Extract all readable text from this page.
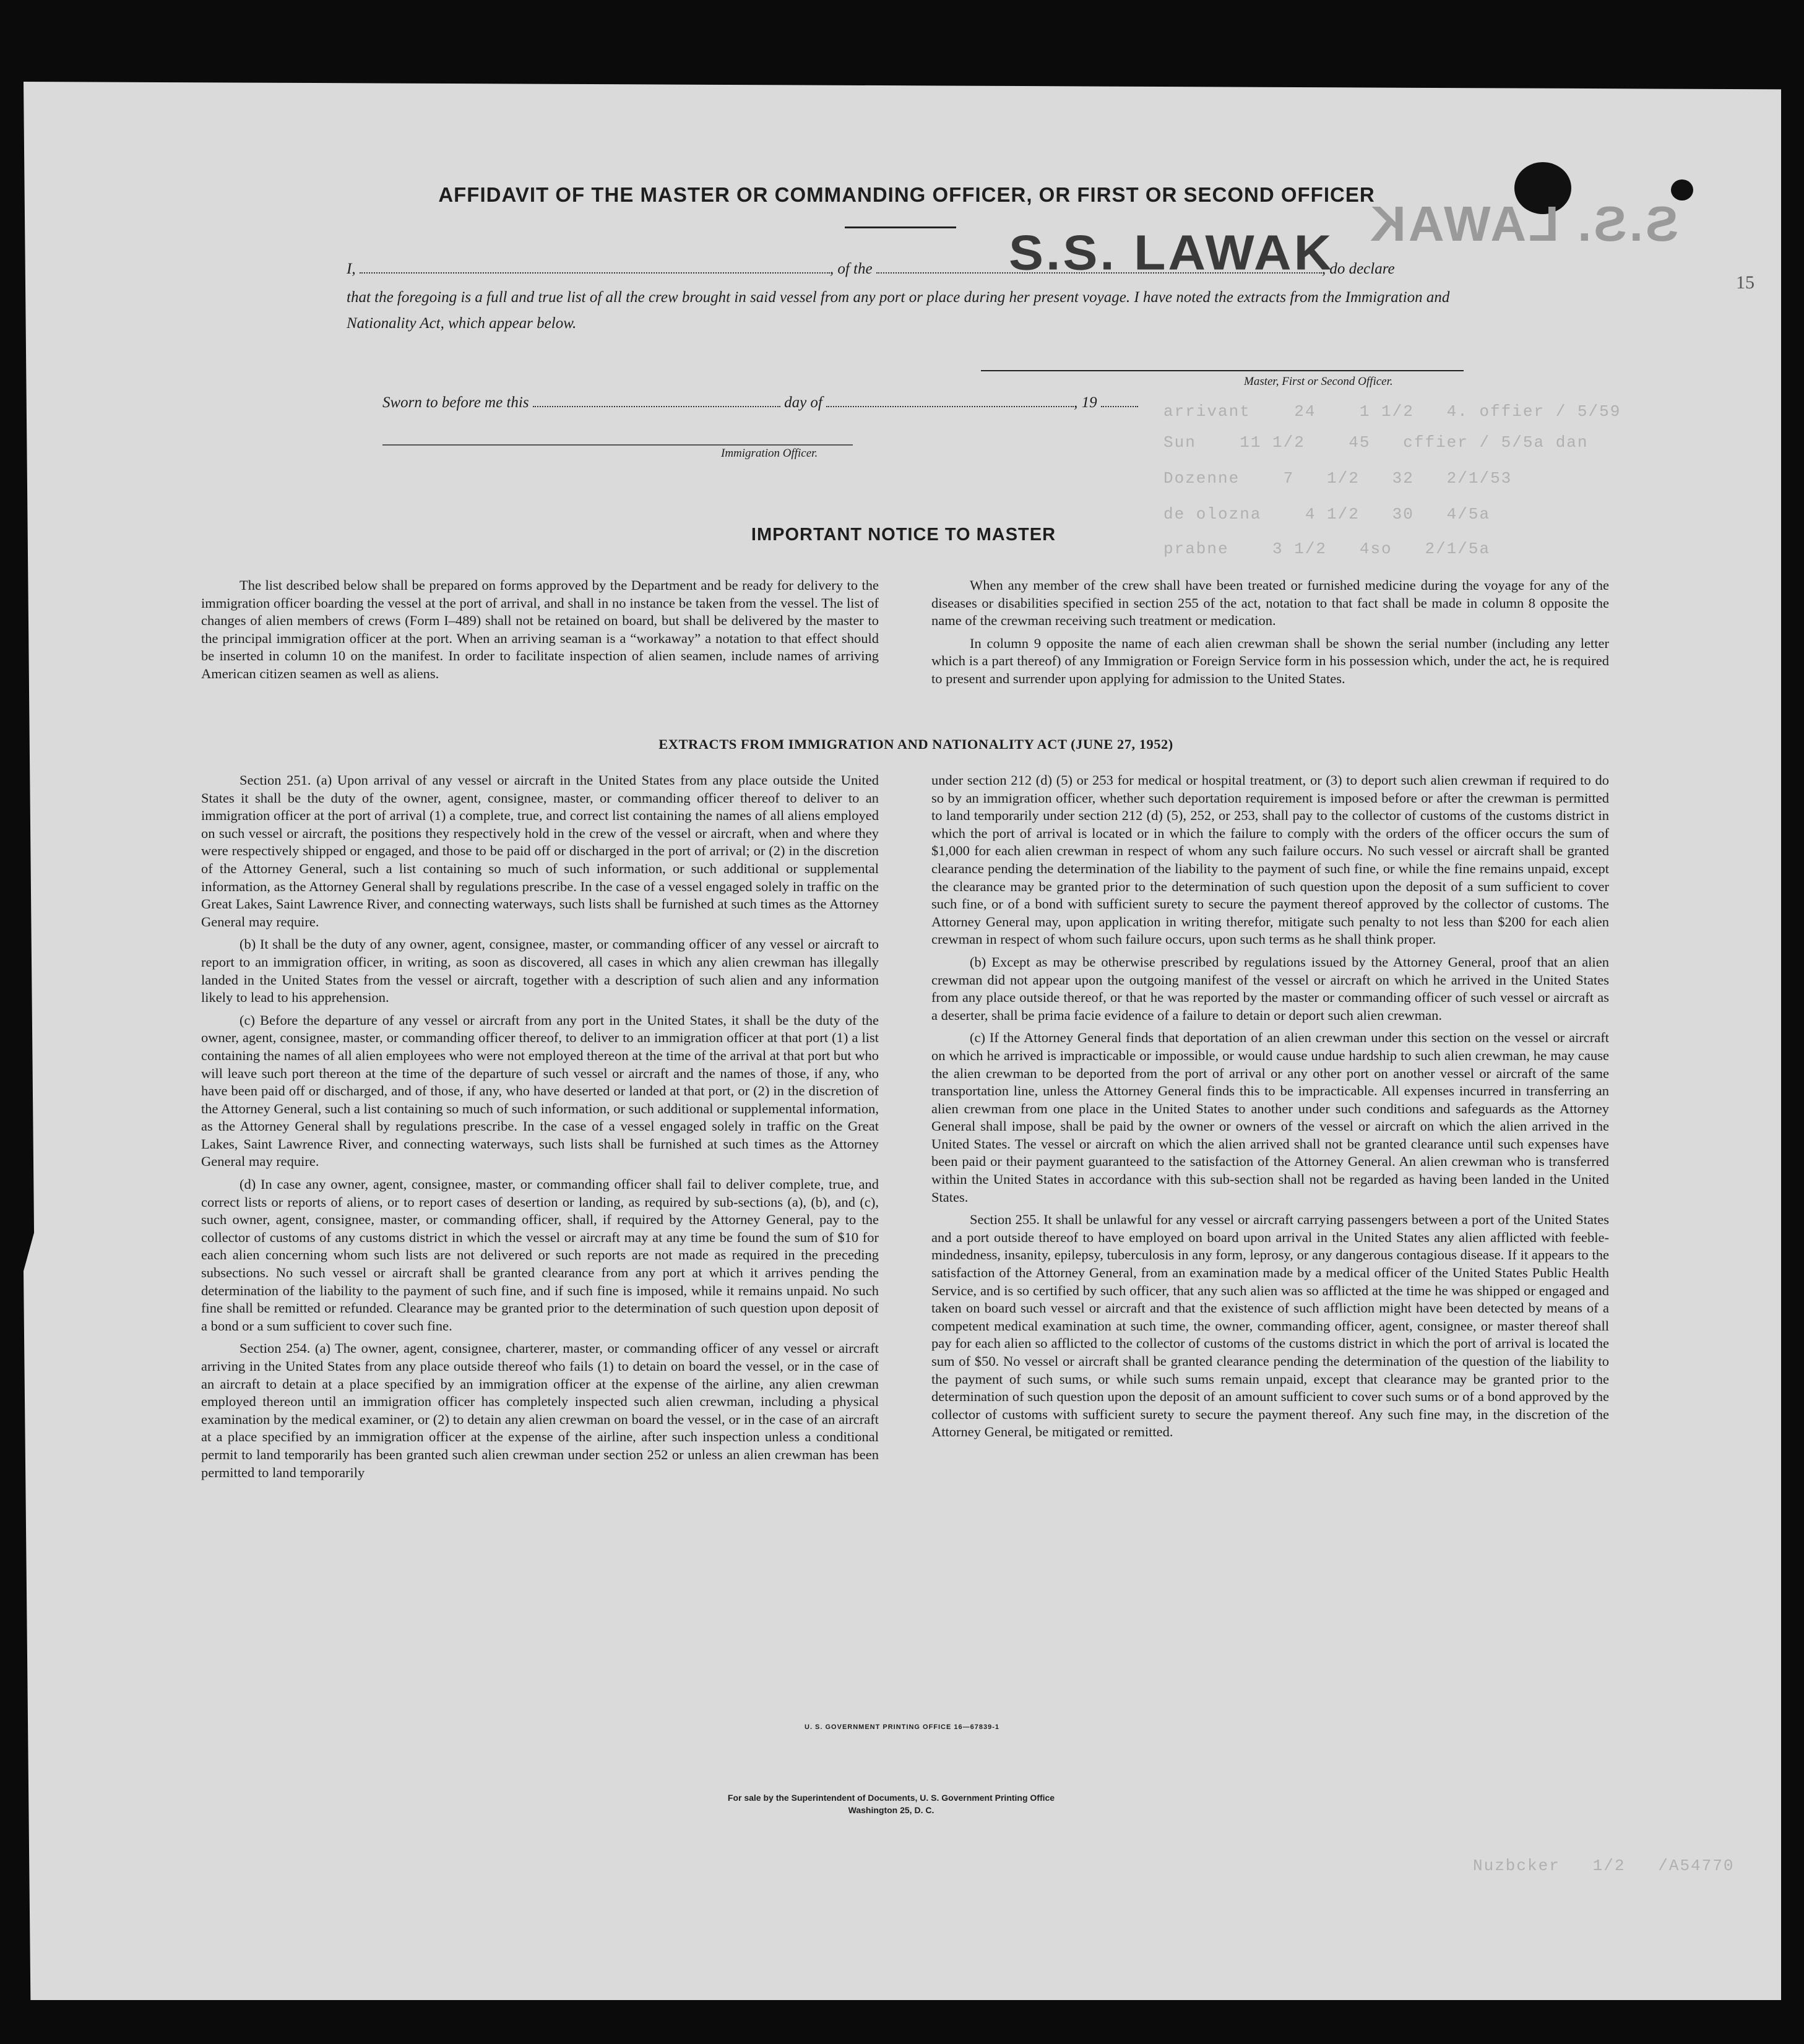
arrivant    24    1 1/2   4. offier / 5/59
Sun    11 1/2    45   cffier / 5/5a dan
Dozenne    7   1/2   32   2/1/53
de olozna    4 1/2   30   4/5a
prabne    3 1/2   4so   2/1/5a
Nuzbcker   1/2   /A54770
S.S. LAWAK
AFFIDAVIT OF THE MASTER OR COMMANDING OFFICER, OR FIRST OR SECOND OFFICER
I,	, of the	, do declare
S.S. LAWAK
that the foregoing is a full and true list of all the crew brought in said vessel from any port or place during her present voyage. I have noted the extracts from the Immigration and Nationality Act, which appear below.
Master, First or Second Officer.
Sworn to before me this	day of	, 19
Immigration Officer.
IMPORTANT NOTICE TO MASTER

The list described below shall be prepared on forms approved by the Department and be ready for delivery to the immigration officer boarding the vessel at the port of arrival, and shall in no instance be taken from the vessel. The list of changes of alien members of crews (Form I–489) shall not be retained on board, but shall be delivered by the master to the principal immigration officer at the port. When an arriving seaman is a “workaway” a notation to that effect should be inserted in column 10 on the manifest. In order to facilitate inspection of alien seamen, include names of arriving American citizen seamen as well as aliens.

When any member of the crew shall have been treated or furnished medicine during the voyage for any of the diseases or disabilities specified in section 255 of the act, notation to that fact shall be made in column 8 opposite the name of the crewman receiving such treatment or medication.

In column 9 opposite the name of each alien crewman shall be shown the serial number (including any letter which is a part thereof) of any Immigration or Foreign Service form in his possession which, under the act, he is required to present and surrender upon applying for admission to the United States.

EXTRACTS FROM IMMIGRATION AND NATIONALITY ACT (JUNE 27, 1952)

Section 251. (a) Upon arrival of any vessel or aircraft in the United States from any place outside the United States it shall be the duty of the owner, agent, consignee, master, or commanding officer thereof to deliver to an immigration officer at the port of arrival (1) a complete, true, and correct list containing the names of all aliens employed on such vessel or aircraft, the positions they respectively hold in the crew of the vessel or aircraft, when and where they were respectively shipped or engaged, and those to be paid off or discharged in the port of arrival; or (2) in the discretion of the Attorney General, such a list containing so much of such information, or such additional or supplemental information, as the Attorney General shall by regulations prescribe. In the case of a vessel engaged solely in traffic on the Great Lakes, Saint Lawrence River, and connecting waterways, such lists shall be furnished at such times as the Attorney General may require.

(b) It shall be the duty of any owner, agent, consignee, master, or commanding officer of any vessel or aircraft to report to an immigration officer, in writing, as soon as discovered, all cases in which any alien crewman has illegally landed in the United States from the vessel or aircraft, together with a description of such alien and any information likely to lead to his apprehension.

(c) Before the departure of any vessel or aircraft from any port in the United States, it shall be the duty of the owner, agent, consignee, master, or commanding officer thereof, to deliver to an immigration officer at that port (1) a list containing the names of all alien employees who were not employed thereon at the time of the arrival at that port but who will leave such port thereon at the time of the departure of such vessel or aircraft and the names of those, if any, who have been paid off or discharged, and of those, if any, who have deserted or landed at that port, or (2) in the discretion of the Attorney General, such a list containing so much of such information, or such additional or supplemental information, as the Attorney General shall by regulations prescribe. In the case of a vessel engaged solely in traffic on the Great Lakes, Saint Lawrence River, and connecting waterways, such lists shall be furnished at such times as the Attorney General may require.

(d) In case any owner, agent, consignee, master, or commanding officer shall fail to deliver complete, true, and correct lists or reports of aliens, or to report cases of desertion or landing, as required by sub-sections (a), (b), and (c), such owner, agent, consignee, master, or commanding officer, shall, if required by the Attorney General, pay to the collector of customs of any customs district in which the vessel or aircraft may at any time be found the sum of $10 for each alien concerning whom such lists are not delivered or such reports are not made as required in the preceding subsections. No such vessel or aircraft shall be granted clearance from any port at which it arrives pending the determination of the liability to the payment of such fine, and if such fine is imposed, while it remains unpaid. No such fine shall be remitted or refunded. Clearance may be granted prior to the determination of such question upon deposit of a bond or a sum sufficient to cover such fine.

Section 254. (a) The owner, agent, consignee, charterer, master, or commanding officer of any vessel or aircraft arriving in the United States from any place outside thereof who fails (1) to detain on board the vessel, or in the case of an aircraft to detain at a place specified by an immigration officer at the expense of the airline, any alien crewman employed thereon until an immigration officer has completely inspected such alien crewman, including a physical examination by the medical examiner, or (2) to detain any alien crewman on board the vessel, or in the case of an aircraft at a place specified by an immigration officer at the expense of the airline, after such inspection unless a conditional permit to land temporarily has been granted such alien crewman under section 252 or unless an alien crewman has been permitted to land temporarily

under section 212 (d) (5) or 253 for medical or hospital treatment, or (3) to deport such alien crewman if required to do so by an immigration officer, whether such deportation requirement is imposed before or after the crewman is permitted to land temporarily under section 212 (d) (5), 252, or 253, shall pay to the collector of customs of the customs district in which the port of arrival is located or in which the failure to comply with the orders of the officer occurs the sum of $1,000 for each alien crewman in respect of whom any such failure occurs. No such vessel or aircraft shall be granted clearance pending the determination of the liability to the payment of such fine, or while the fine remains unpaid, except the clearance may be granted prior to the determination of such question upon the deposit of a sum sufficient to cover such fine, or of a bond with sufficient surety to secure the payment thereof approved by the collector of customs. The Attorney General may, upon application in writing therefor, mitigate such penalty to not less than $200 for each alien crewman in respect of whom such failure occurs, upon such terms as he shall think proper.

(b) Except as may be otherwise prescribed by regulations issued by the Attorney General, proof that an alien crewman did not appear upon the outgoing manifest of the vessel or aircraft on which he arrived in the United States from any place outside thereof, or that he was reported by the master or commanding officer of such vessel or aircraft as a deserter, shall be prima facie evidence of a failure to detain or deport such alien crewman.

(c) If the Attorney General finds that deportation of an alien crewman under this section on the vessel or aircraft on which he arrived is impracticable or impossible, or would cause undue hardship to such alien crewman, he may cause the alien crewman to be deported from the port of arrival or any other port on another vessel or aircraft of the same transportation line, unless the Attorney General finds this to be impracticable. All expenses incurred in transferring an alien crewman from one place in the United States to another under such conditions and safeguards as the Attorney General shall impose, shall be paid by the owner or owners of the vessel or aircraft on which the alien arrived in the United States. The vessel or aircraft on which the alien arrived shall not be granted clearance until such expenses have been paid or their payment guaranteed to the satisfaction of the Attorney General. An alien crewman who is transferred within the United States in accordance with this sub-section shall not be regarded as having been landed in the United States.

Section 255. It shall be unlawful for any vessel or aircraft carrying passengers between a port of the United States and a port outside thereof to have employed on board upon arrival in the United States any alien afflicted with feeble-mindedness, insanity, epilepsy, tuberculosis in any form, leprosy, or any dangerous contagious disease. If it appears to the satisfaction of the Attorney General, from an examination made by a medical officer of the United States Public Health Service, and is so certified by such officer, that any such alien was so afflicted at the time he was shipped or engaged and taken on board such vessel or aircraft and that the existence of such affliction might have been detected by means of a competent medical examination at such time, the owner, commanding officer, agent, consignee, or master thereof shall pay for each alien so afflicted to the collector of customs of the customs district in which the port of arrival is located the sum of $50. No vessel or aircraft shall be granted clearance pending the determination of the question of the liability to the payment of such sums, or while such sums remain unpaid, except that clearance may be granted prior to the determination of such question upon the deposit of an amount sufficient to cover such sums or of a bond approved by the collector of customs with sufficient surety to secure the payment thereof. Any such fine may, in the discretion of the Attorney General, be mitigated or remitted.

U. S. GOVERNMENT PRINTING OFFICE 16—67839-1
For sale by the Superintendent of Documents, U. S. Government Printing Office
Washington 25, D. C.
15
